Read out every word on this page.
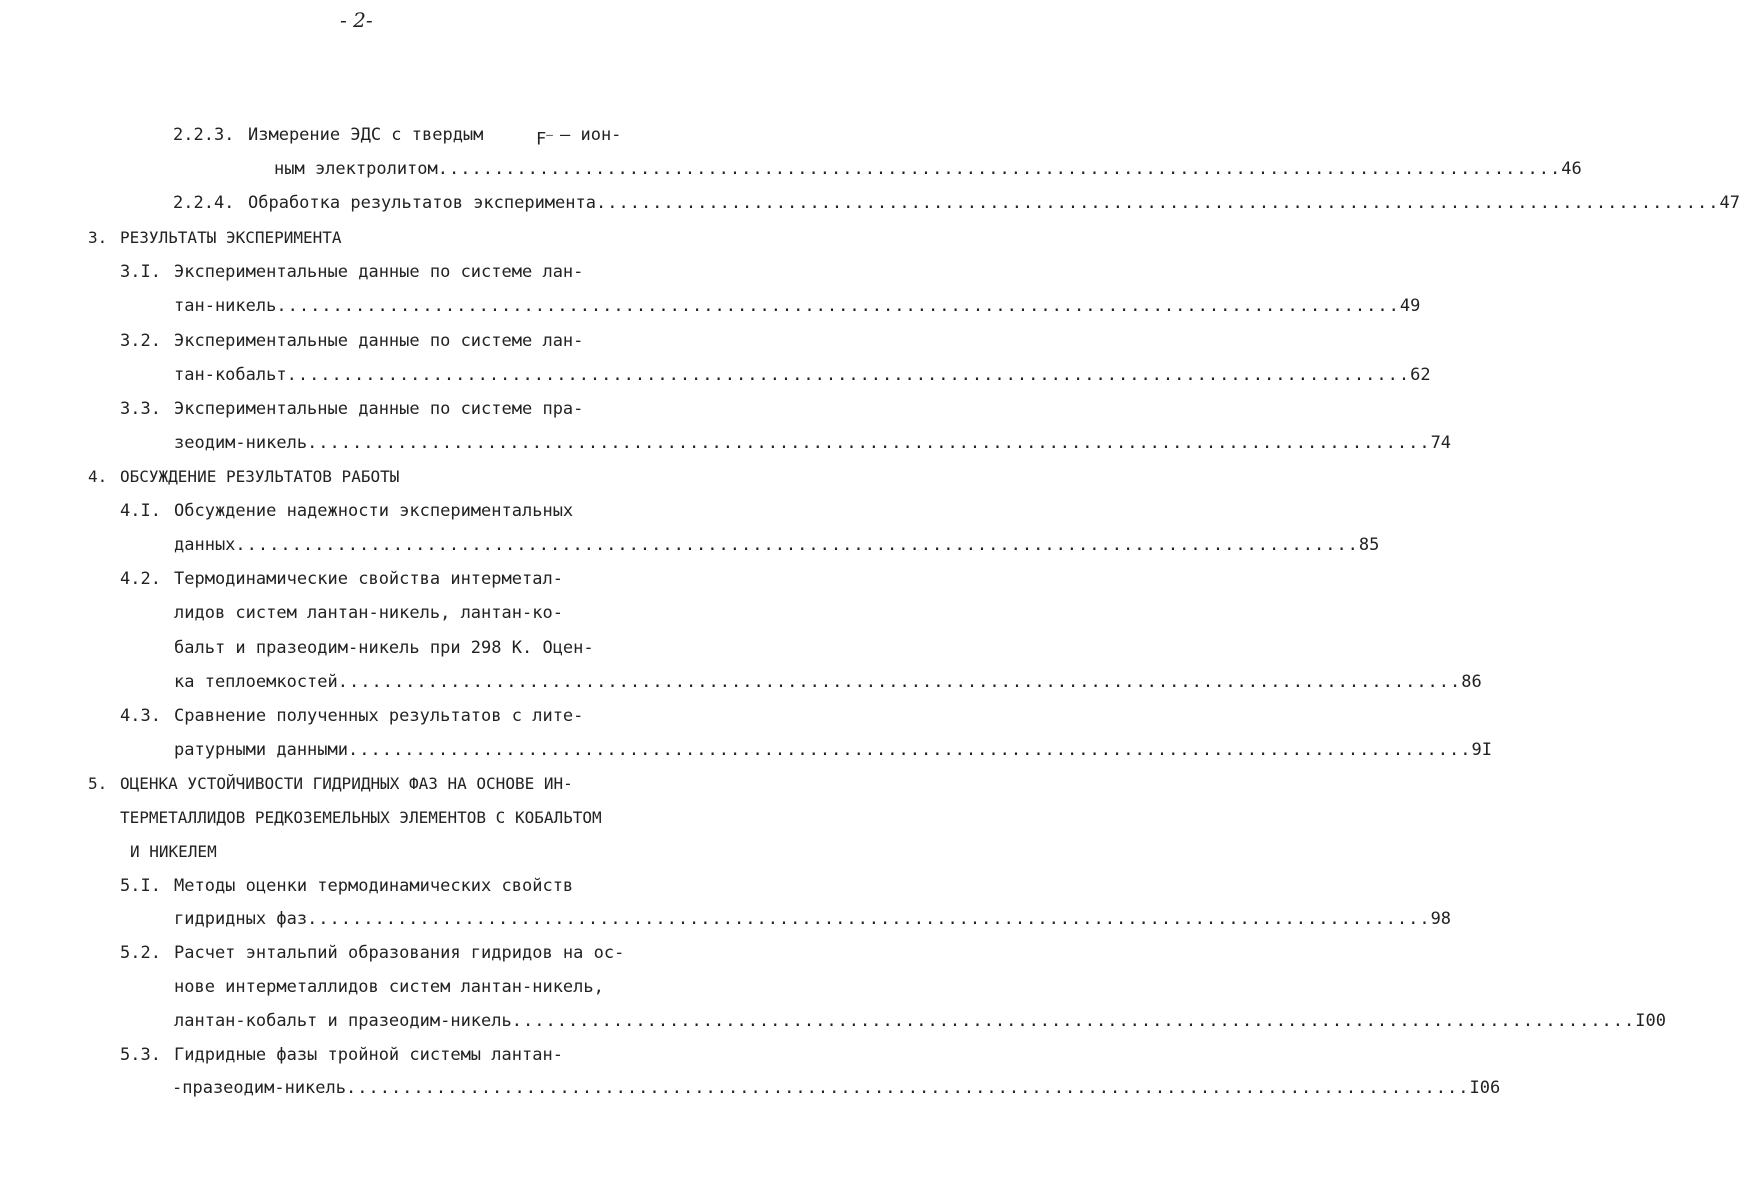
- 2-

2.2.3.

Измерение ЭДС с твердым

	F–

– ион-

ным электролитом .................................................................................................... 46

2.2.4.

Обработка результатов эксперимента .................................................................................................... 47

3.

РЕЗУЛЬТАТЫ ЭКСПЕРИМЕНТА

3.I.

Экспериментальные данные по системе лан-

тан-никель .................................................................................................... 49

3.2.

Экспериментальные данные по системе лан-

тан-кобальт .................................................................................................... 62

3.3.

Экспериментальные данные по системе пра-

зеодим-никель .................................................................................................... 74

4.

ОБСУЖДЕНИЕ РЕЗУЛЬТАТОВ РАБОТЫ

4.I.

Обсуждение надежности экспериментальных

данных .................................................................................................... 85

4.2.

Термодинамические свойства интерметал-

лидов систем лантан-никель, лантан-ко-

бальт и празеодим-никель при 298 К. Оцен-

ка теплоемкостей .................................................................................................... 86

4.3.

Сравнение полученных результатов с лите-

ратурными данными .................................................................................................... 9I

5.

ОЦЕНКА УСТОЙЧИВОСТИ ГИДРИДНЫХ ФАЗ НА ОСНОВЕ ИН-

ТЕРМЕТАЛЛИДОВ РЕДКОЗЕМЕЛЬНЫХ ЭЛЕМЕНТОВ С КОБАЛЬТОМ

И НИКЕЛЕМ

5.I.

Методы оценки термодинамических свойств

гидридных фаз .................................................................................................... 98

5.2.

Расчет энтальпий образования гидридов на ос-

нове интерметаллидов систем лантан-никель,

лантан-кобальт и празеодим-никель .................................................................................................... I00

5.3.

Гидридные фазы тройной системы лантан-

-празеодим-никель .................................................................................................... I06
